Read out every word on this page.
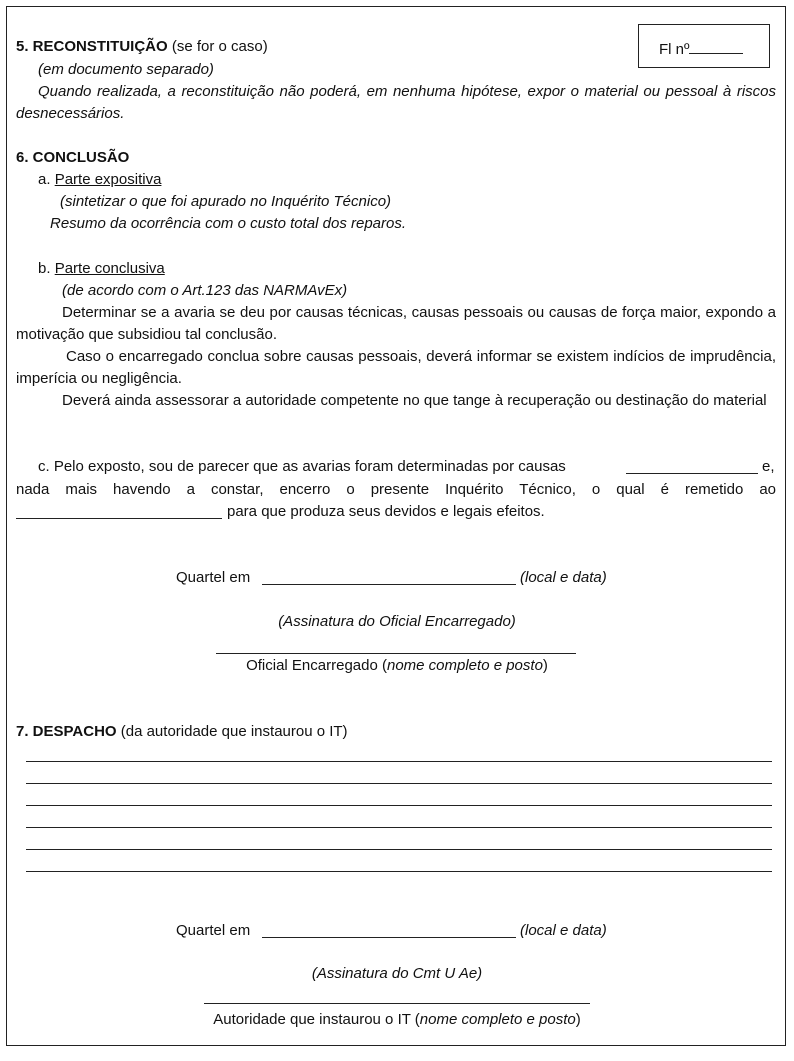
Fl nº
5. RECONSTITUIÇÃO (se for o caso)
(em documento separado)
Quando realizada, a reconstituição não poderá, em nenhuma hipótese, expor o material ou pessoal à riscos desnecessários.
6. CONCLUSÃO
a. Parte expositiva
(sintetizar o que foi apurado no Inquérito Técnico)
Resumo da ocorrência com o custo total dos reparos.
b. Parte conclusiva
(de acordo com o Art.123 das NARMAvEx)
Determinar se a avaria se deu por causas técnicas, causas pessoais ou causas de força maior, expondo a motivação que subsidiou tal conclusão.
Caso o encarregado conclua sobre causas pessoais, deverá informar se existem indícios de imprudência, imperícia ou negligência.
Deverá ainda assessorar a autoridade competente no que tange à recuperação ou destinação do material
c. Pelo exposto, sou de parecer que as avarias foram determinadas por causas	e,
nada mais havendo a constar, encerro o presente Inquérito Técnico, o qual é remetido ao
para que produza seus devidos e legais efeitos.
Quartel em	(local e data)
(Assinatura do Oficial Encarregado)
Oficial Encarregado (nome completo e posto)
7. DESPACHO (da autoridade que instaurou o IT)
Quartel em	(local e data)
(Assinatura do Cmt U Ae)
Autoridade que instaurou o IT (nome completo e posto)
